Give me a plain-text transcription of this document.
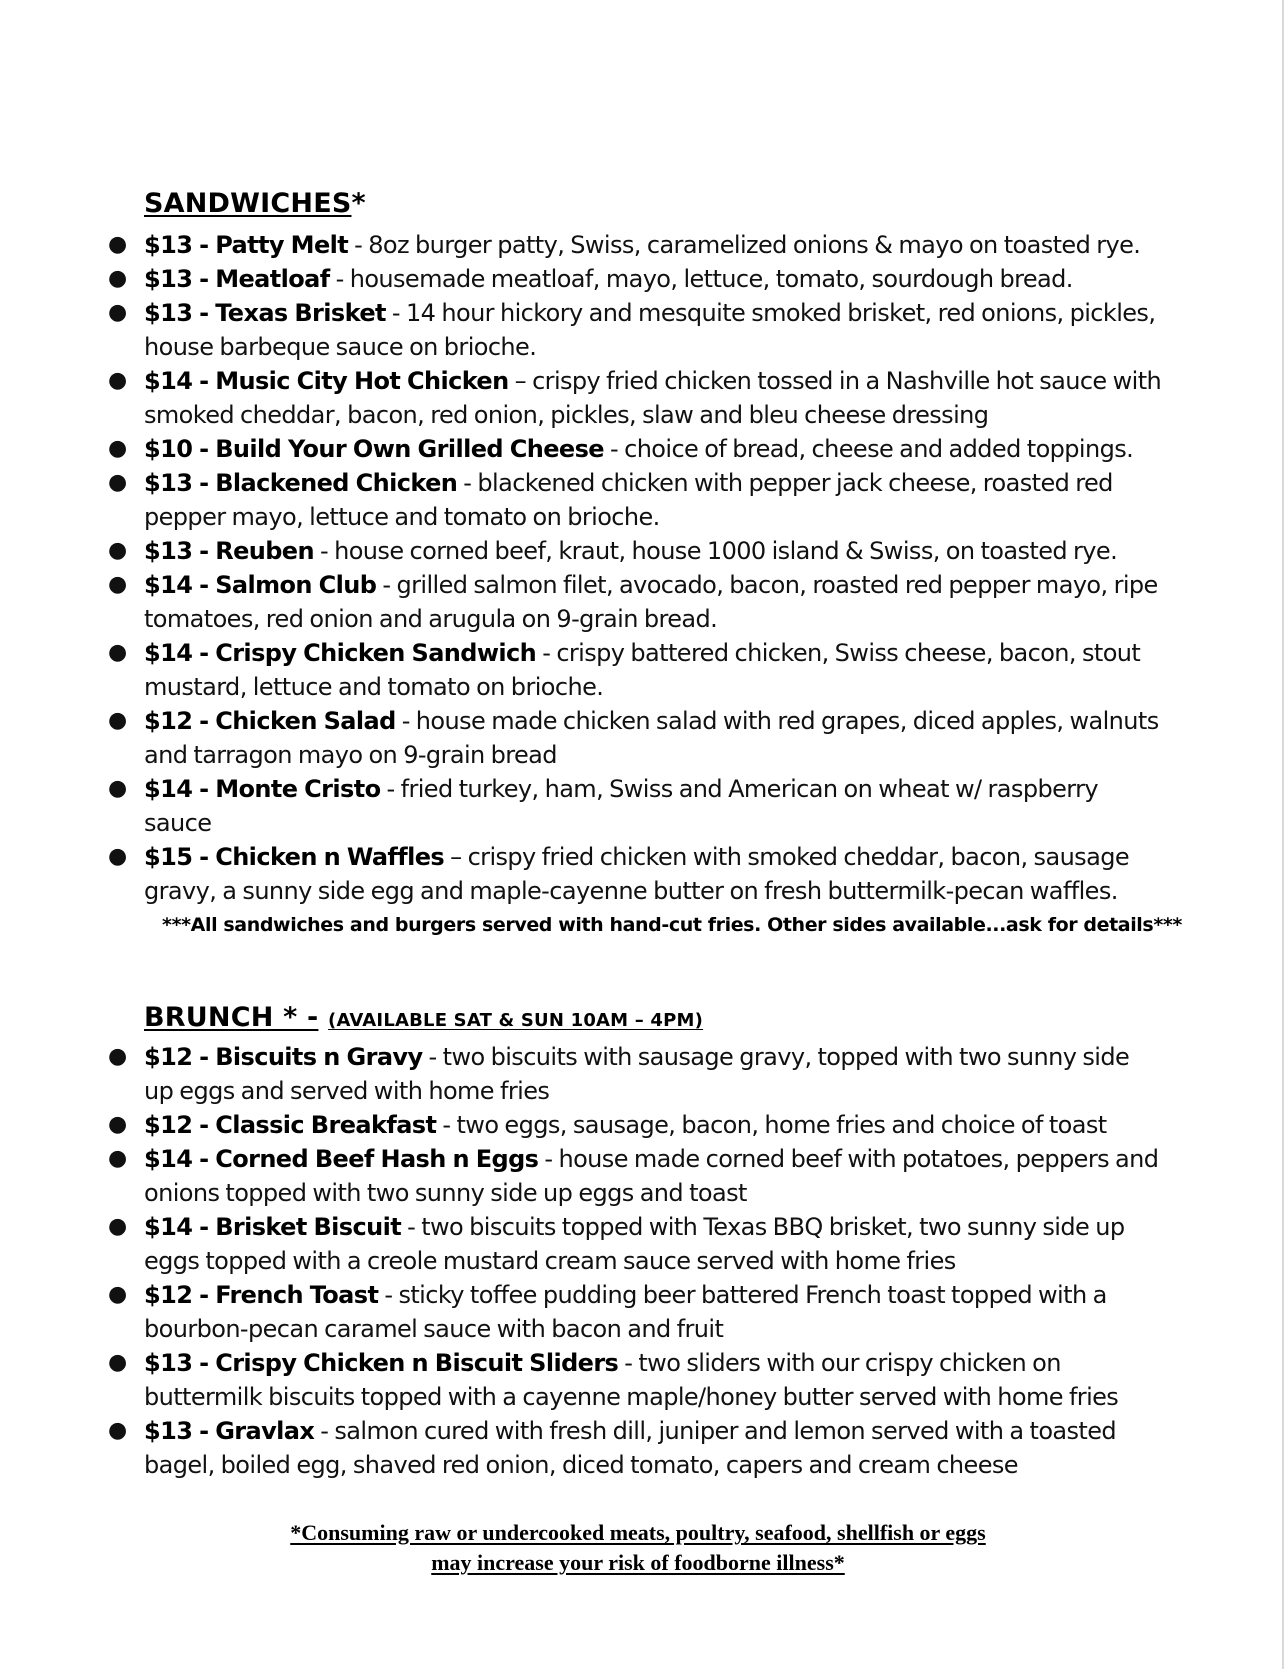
SANDWICHES*
● $13 - Patty Melt - 8oz burger patty, Swiss, caramelized onions & mayo on toasted rye.
● $13 - Meatloaf - housemade meatloaf, mayo, lettuce, tomato, sourdough bread.
● $13 - Texas Brisket - 14 hour hickory and mesquite smoked brisket, red onions, pickles, house barbeque sauce on brioche.
● $14 - Music City Hot Chicken – crispy fried chicken tossed in a Nashville hot sauce with smoked cheddar, bacon, red onion, pickles, slaw and bleu cheese dressing
● $10 - Build Your Own Grilled Cheese - choice of bread, cheese and added toppings.
● $13 - Blackened Chicken - blackened chicken with pepper jack cheese, roasted red pepper mayo, lettuce and tomato on brioche.
● $13 - Reuben - house corned beef, kraut, house 1000 island & Swiss, on toasted rye.
● $14 - Salmon Club - grilled salmon filet, avocado, bacon, roasted red pepper mayo, ripe tomatoes, red onion and arugula on 9-grain bread.
● $14 - Crispy Chicken Sandwich - crispy battered chicken, Swiss cheese, bacon, stout mustard, lettuce and tomato on brioche.
● $12 - Chicken Salad - house made chicken salad with red grapes, diced apples, walnuts and tarragon mayo on 9-grain bread
● $14 - Monte Cristo - fried turkey, ham, Swiss and American on wheat w/ raspberry sauce
● $15 - Chicken n Waffles – crispy fried chicken with smoked cheddar, bacon, sausage gravy, a sunny side egg and maple-cayenne butter on fresh buttermilk-pecan waffles.
***All sandwiches and burgers served with hand-cut fries. Other sides available...ask for details***
BRUNCH * - (AVAILABLE SAT & SUN 10AM – 4PM)
● $12 - Biscuits n Gravy - two biscuits with sausage gravy, topped with two sunny side up eggs and served with home fries
● $12 - Classic Breakfast - two eggs, sausage, bacon, home fries and choice of toast
● $14 - Corned Beef Hash n Eggs - house made corned beef with potatoes, peppers and onions topped with two sunny side up eggs and toast
● $14 - Brisket Biscuit - two biscuits topped with Texas BBQ brisket, two sunny side up eggs topped with a creole mustard cream sauce served with home fries
● $12 - French Toast - sticky toffee pudding beer battered French toast topped with a bourbon-pecan caramel sauce with bacon and fruit
● $13 - Crispy Chicken n Biscuit Sliders - two sliders with our crispy chicken on buttermilk biscuits topped with a cayenne maple/honey butter served with home fries
● $13 - Gravlax - salmon cured with fresh dill, juniper and lemon served with a toasted bagel, boiled egg, shaved red onion, diced tomato, capers and cream cheese
*Consuming raw or undercooked meats, poultry, seafood, shellfish or eggs
may increase your risk of foodborne illness*
